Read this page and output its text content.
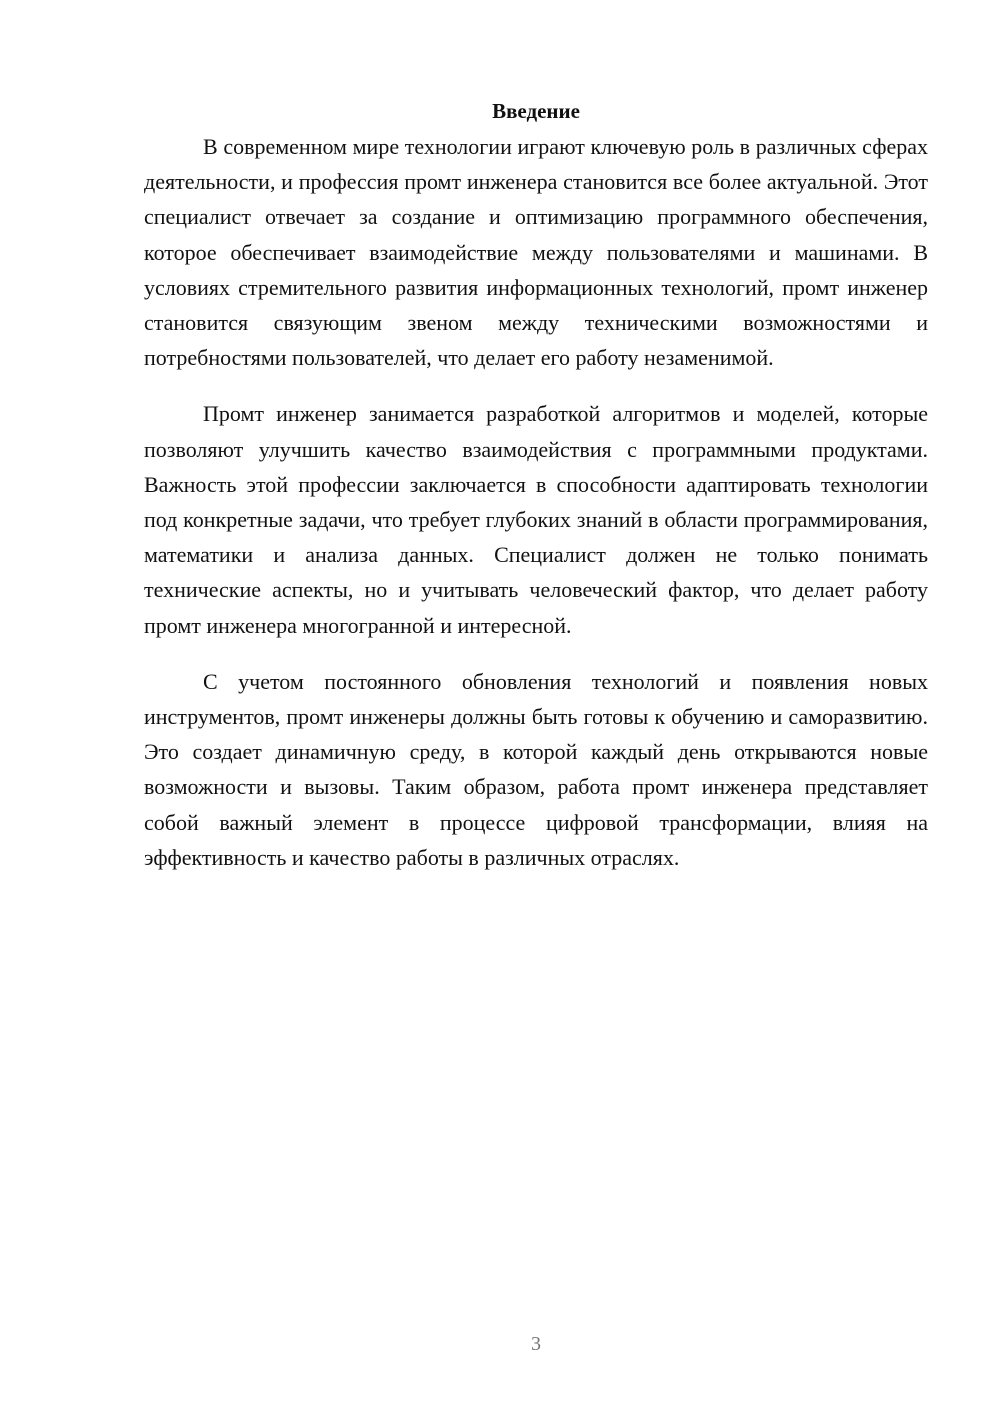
Введение

В современном мире технологии играют ключевую роль в различных сферах деятельности, и профессия промт инженера становится все более актуальной. Этот специалист отвечает за создание и оптимизацию программного обеспечения, которое обеспечивает взаимодействие между пользователями и машинами. В условиях стремительного развития информационных технологий, промт инженер становится связующим звеном между техническими возможностями и потребностями пользователей, что делает его работу незаменимой.

Промт инженер занимается разработкой алгоритмов и моделей, которые позволяют улучшить качество взаимодействия с программными продуктами. Важность этой профессии заключается в способности адаптировать технологии под конкретные задачи, что требует глубоких знаний в области программирования, математики и анализа данных. Специалист должен не только понимать технические аспекты, но и учитывать человеческий фактор, что делает работу промт инженера многогранной и интересной.

С учетом постоянного обновления технологий и появления новых инструментов, промт инженеры должны быть готовы к обучению и саморазвитию. Это создает динамичную среду, в которой каждый день открываются новые возможности и вызовы. Таким образом, работа промт инженера представляет собой важный элемент в процессе цифровой трансформации, влияя на эффективность и качество работы в различных отраслях.

3
